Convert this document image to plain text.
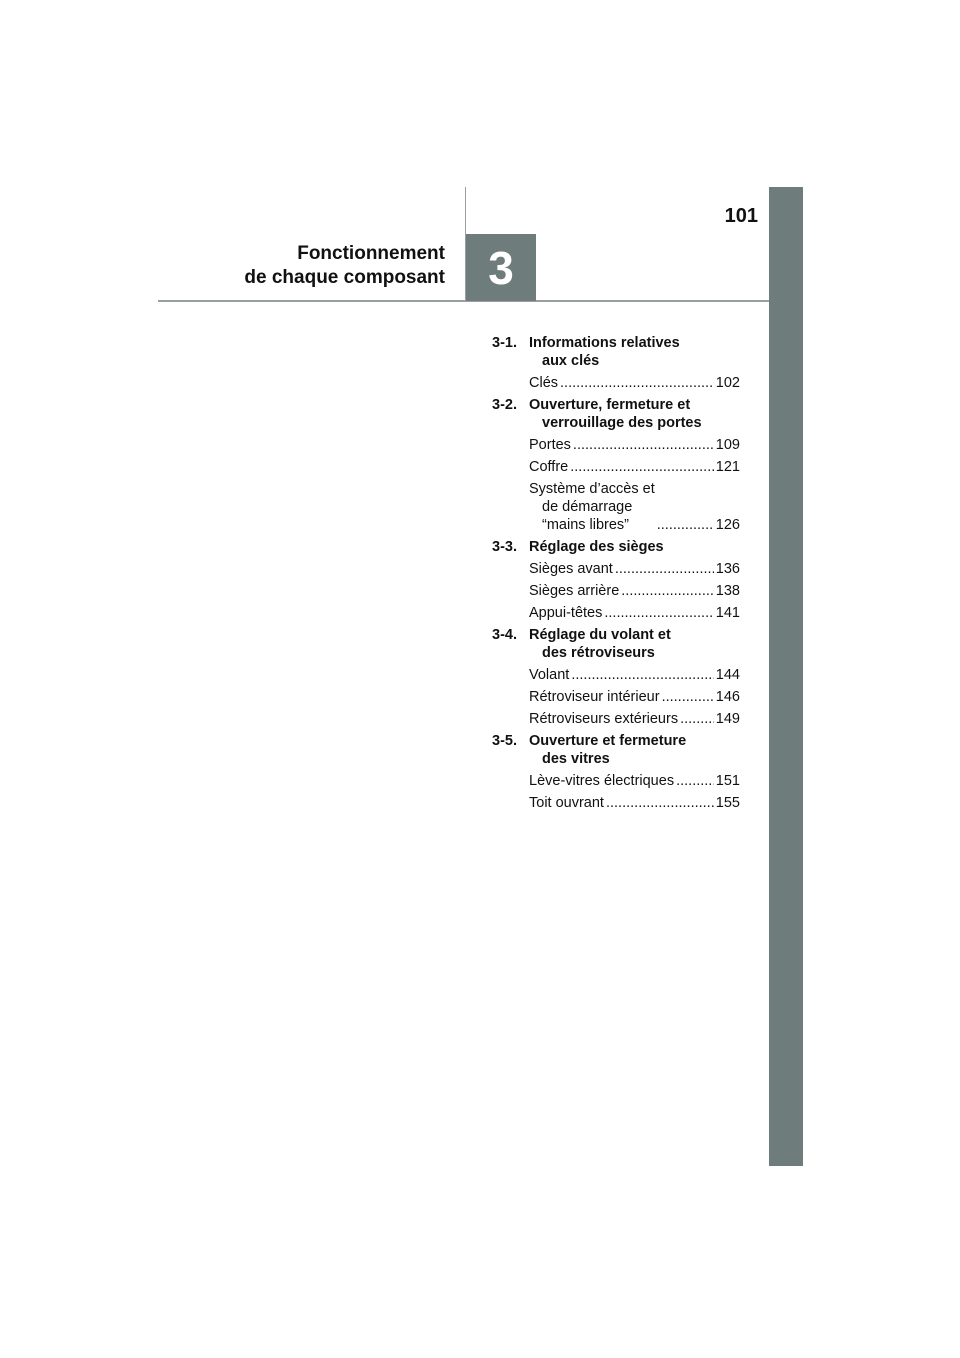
101
3
Fonctionnement
de chaque composant
3-1. Informations relatives
aux clés
Clés .....	102
3-2. Ouverture, fermeture et
verrouillage des portes
Portes .....	109
Coffre .....	121
Système d’accès et
de démarrage
“mains libres” .....	126
3-3. Réglage des sièges
Sièges avant .....	136
Sièges arrière .....	138
Appui-têtes .....	141
3-4. Réglage du volant et
des rétroviseurs
Volant .....	144
Rétroviseur intérieur .....	146
Rétroviseurs extérieurs .....	149
3-5. Ouverture et fermeture
des vitres
Lève-vitres électriques .....	151
Toit ouvrant .....	155
